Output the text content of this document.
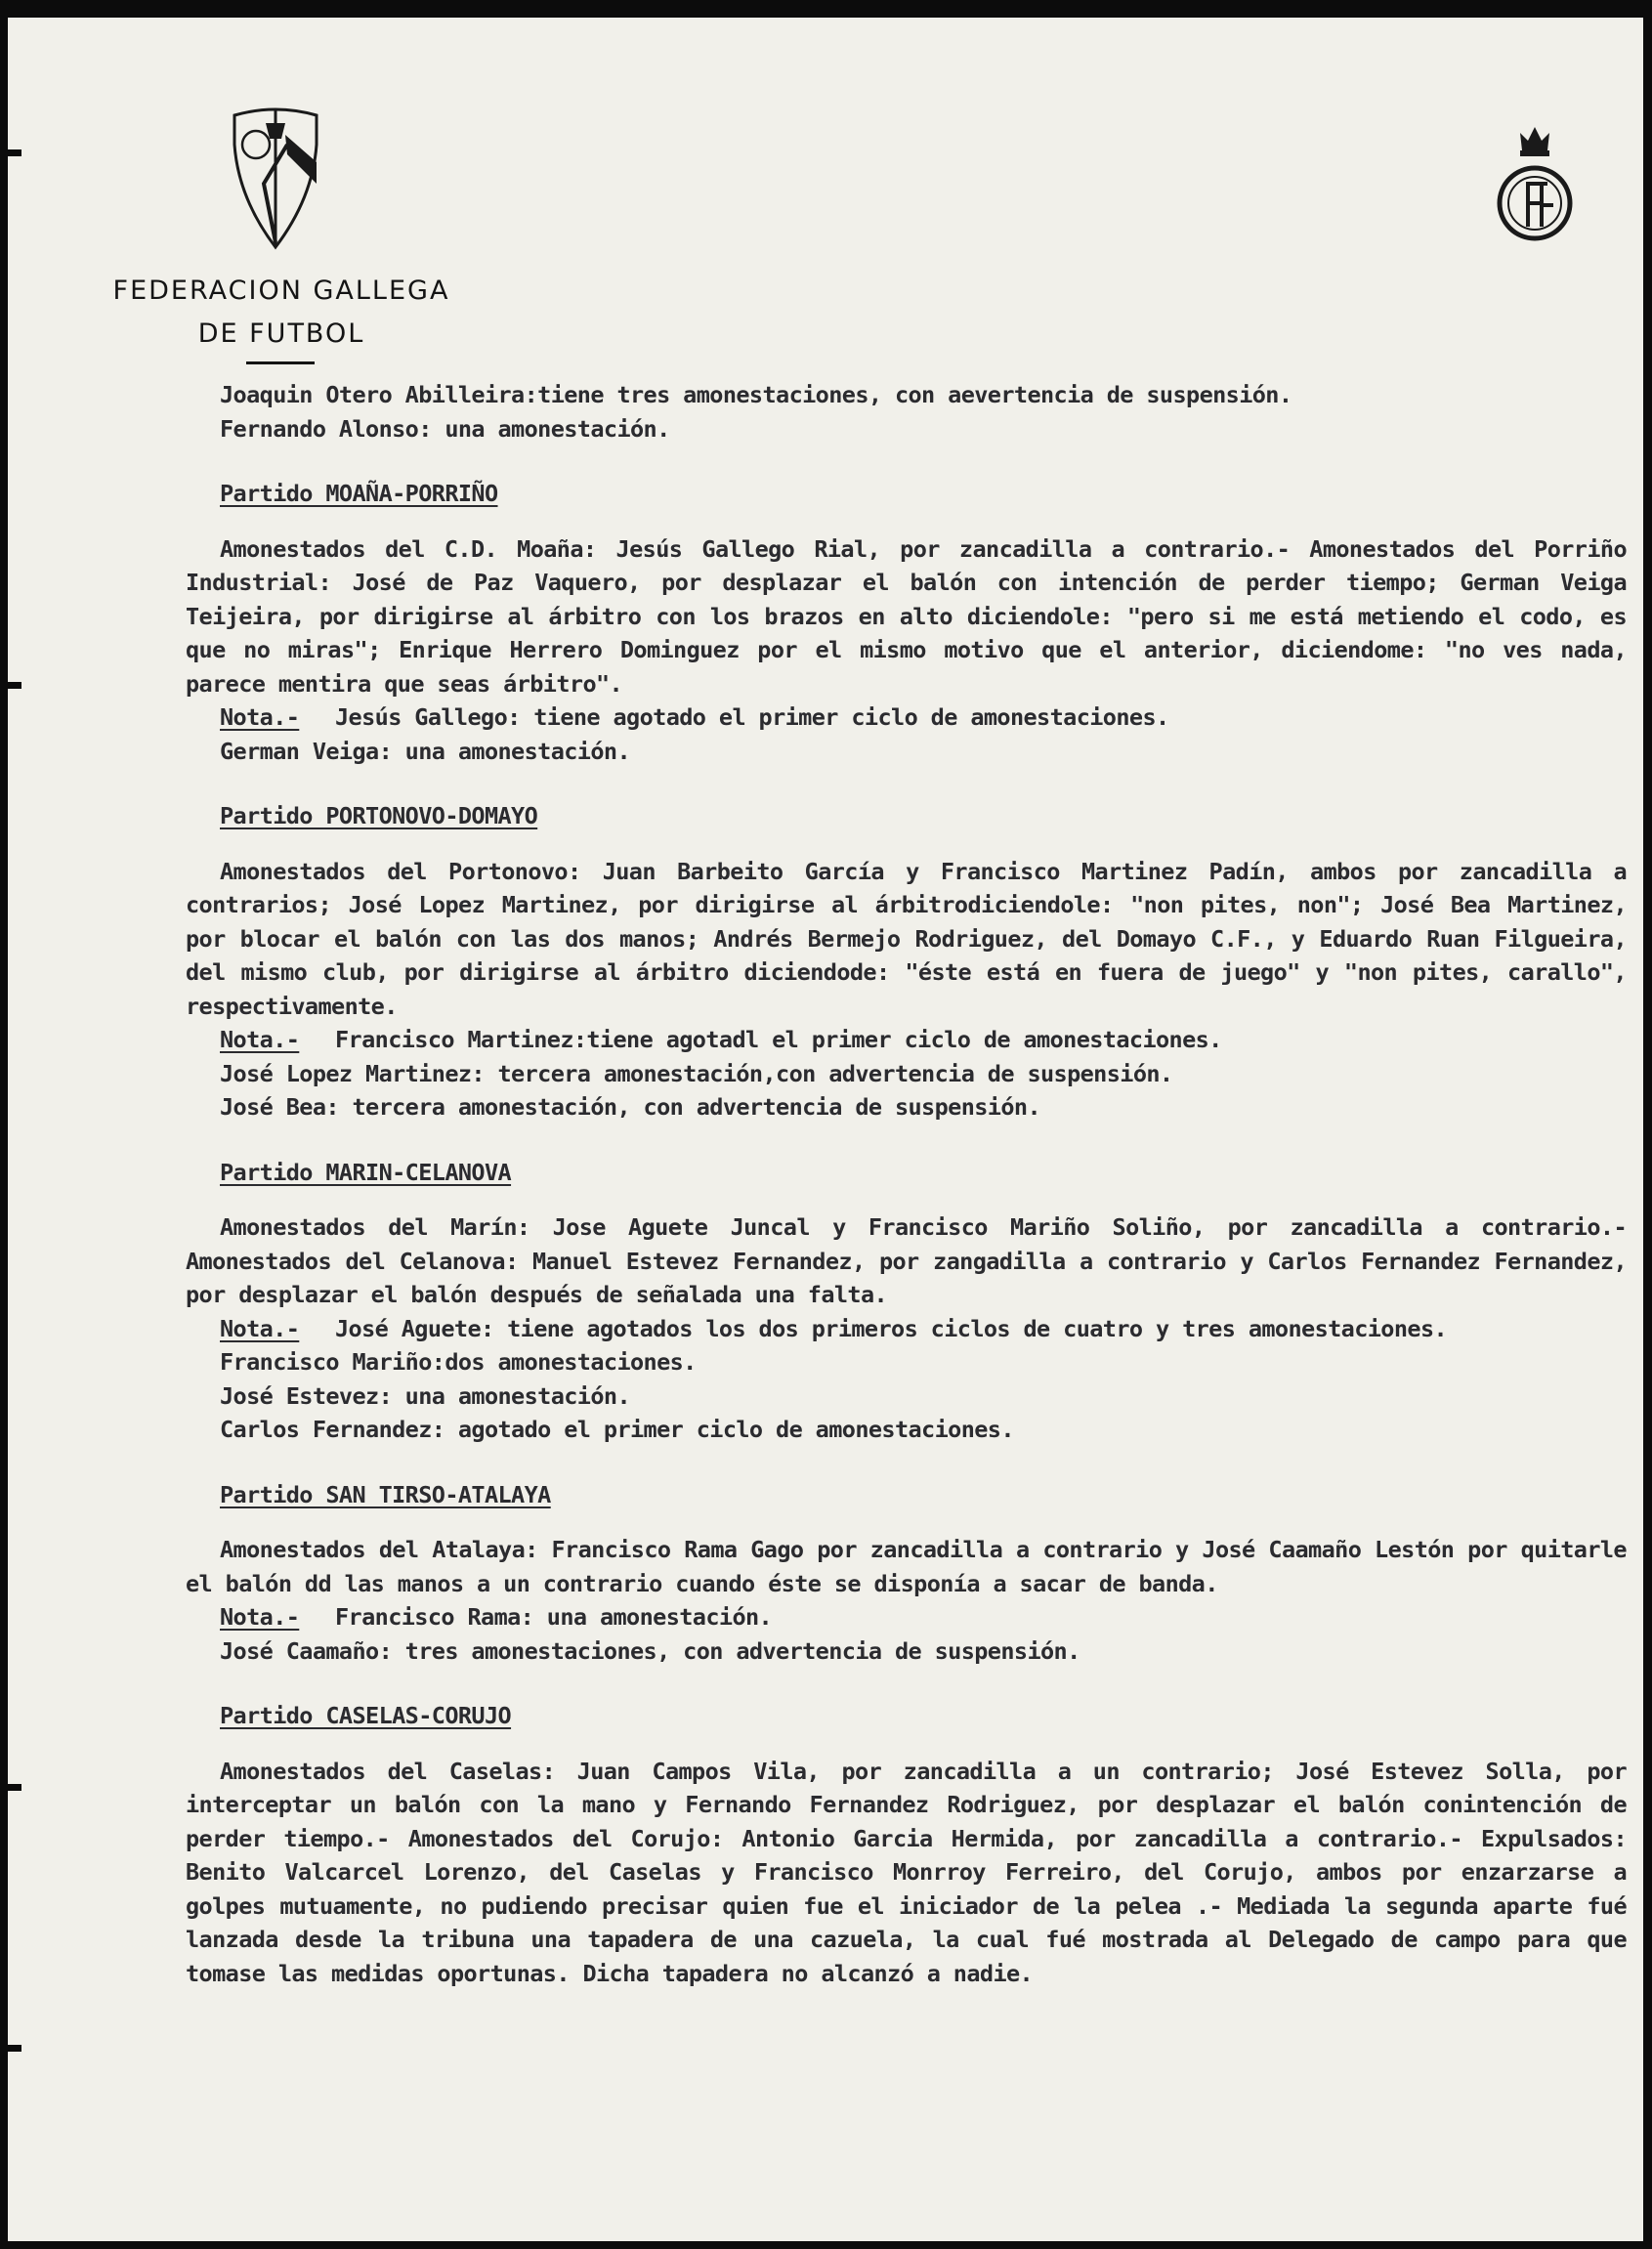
FEDERACION GALLEGA
DE FUTBOL

Joaquin Otero Abilleira:tiene tres amonestaciones, con aevertencia de suspensión.

Fernando Alonso: una amonestación.

Partido MOAÑA-PORRIÑO

Amonestados del C.D. Moaña: Jesús Gallego Rial, por zancadilla a contrario.- Amonestados del Porriño Industrial: José de Paz Vaquero, por desplazar el balón con intención de perder tiempo; German Veiga Teijeira, por dirigirse al árbitro con los brazos en alto diciendole: "pero si me está metiendo el codo, es que no miras"; Enrique Herrero Dominguez por el mismo motivo que el anterior, diciendome: "no ves nada, parece mentira que seas árbitro".

Nota.-	Jesús Gallego: tiene agotado el primer ciclo de amonestaciones.

German Veiga: una amonestación.

Partido PORTONOVO-DOMAYO

Amonestados del Portonovo: Juan Barbeito García y Francisco Martinez Padín, ambos por zancadilla a contrarios; José Lopez Martinez, por dirigirse al árbitrodiciendole: "non pites, non"; José Bea Martinez, por blocar el balón con las dos manos; Andrés Bermejo Rodriguez, del Domayo C.F., y Eduardo Ruan Filgueira, del mismo club, por dirigirse al árbitro diciendode: "éste está en fuera de juego" y "non pites, carallo", respectivamente.

Nota.-	Francisco Martinez:tiene agotadl el primer ciclo de amonestaciones.

José Lopez Martinez: tercera amonestación,con advertencia de suspensión.

José Bea: tercera amonestación, con advertencia de suspensión.

Partido MARIN-CELANOVA

Amonestados del Marín: Jose Aguete Juncal y Francisco Mariño Soliño, por zancadilla a contrario.- Amonestados del Celanova: Manuel Estevez Fernandez, por zangadilla a contrario y Carlos Fernandez Fernandez, por desplazar el balón después de señalada una falta.

Nota.-	José Aguete: tiene agotados los dos primeros ciclos de cuatro y tres amonestaciones.

Francisco Mariño:dos amonestaciones.

José Estevez: una amonestación.

Carlos Fernandez: agotado el primer ciclo de amonestaciones.

Partido SAN TIRSO-ATALAYA

Amonestados del Atalaya: Francisco Rama Gago por zancadilla a contrario y José Caamaño Lestón por quitarle el balón dd las manos a un contrario cuando éste se disponía a sacar de banda.

Nota.-	Francisco Rama: una amonestación.

José Caamaño: tres amonestaciones, con advertencia de suspensión.

Partido CASELAS-CORUJO

Amonestados del Caselas: Juan Campos Vila, por zancadilla a un contrario; José Estevez Solla, por interceptar un balón con la mano y Fernando Fernandez Rodriguez, por desplazar el balón conintención de perder tiempo.- Amonestados del Corujo: Antonio Garcia Hermida, por zancadilla a contrario.- Expulsados: Benito Valcarcel Lorenzo, del Caselas y Francisco Monrroy Ferreiro, del Corujo, ambos por enzarzarse a golpes mutuamente, no pudiendo precisar quien fue el iniciador de la pelea .- Mediada la segunda aparte fué lanzada desde la tribuna una tapadera de una cazuela, la cual fué mostrada al Delegado de campo para que tomase las medidas oportunas. Dicha tapadera no alcanzó a nadie.
